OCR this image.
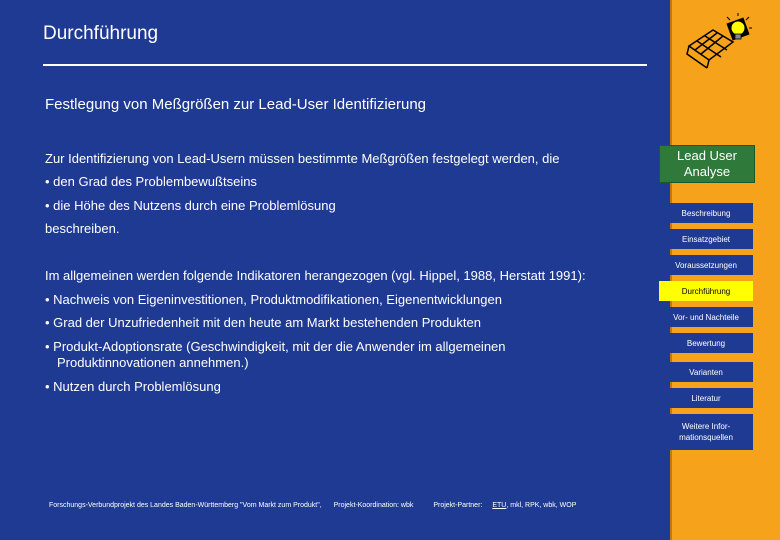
Durchführung
Festlegung von Meßgrößen zur Lead-User Identifizierung
Zur Identifizierung von Lead-Usern müssen bestimmte Meßgrößen festgelegt werden, die
• den Grad des Problembewußtseins
• die Höhe des Nutzens durch eine Problemlösung
beschreiben.
Im allgemeinen werden folgende Indikatoren herangezogen (vgl. Hippel, 1988, Herstatt 1991):
• Nachweis von Eigeninvestitionen, Produktmodifikationen, Eigenentwicklungen
• Grad der Unzufriedenheit mit den heute am Markt bestehenden Produkten
• Produkt-Adoptionsrate (Geschwindigkeit, mit der die Anwender im allgemeinen
Produktinnovationen annehmen.)
• Nutzen durch Problemlösung
Forschungs-Verbundprojekt des Landes Baden-Württemberg "Vom Markt zum Produkt", Projekt-Koordination: wbk	Projekt-Partner: ETU, mkl, RPK, wbk, WOP
Lead User
Analyse
Beschreibung
Einsatzgebiet
Voraussetzungen
Durchführung
Vor- und Nachteile
Bewertung
Varianten
Literatur
Weitere Infor-
mationsquellen
